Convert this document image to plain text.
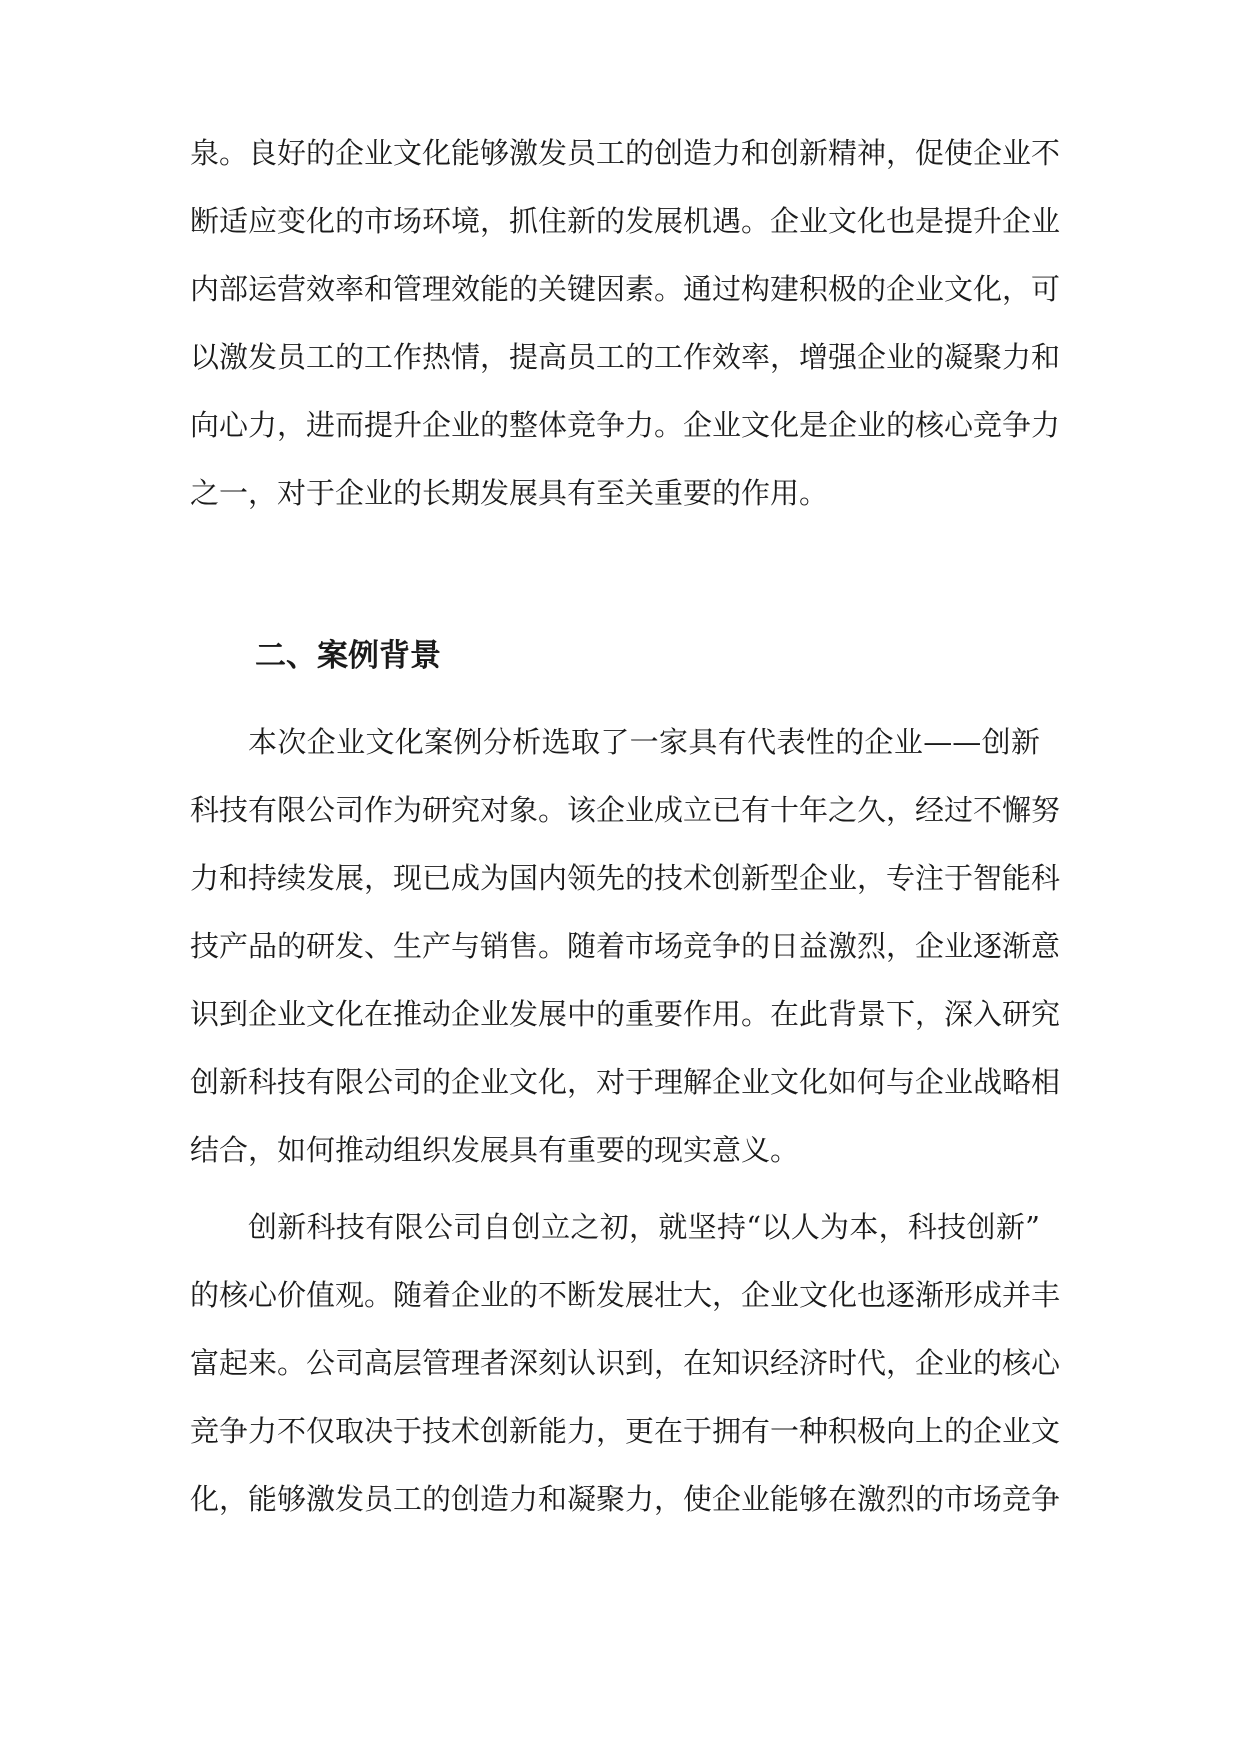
泉。良好的企业文化能够激发员工的创造力和创新精神，促使企业不
断适应变化的市场环境，抓住新的发展机遇。企业文化也是提升企业
内部运营效率和管理效能的关键因素。通过构建积极的企业文化，可
以激发员工的工作热情，提高员工的工作效率，增强企业的凝聚力和
向心力，进而提升企业的整体竞争力。企业文化是企业的核心竞争力
之一，对于企业的长期发展具有至关重要的作用。
二、案例背景
本次企业文化案例分析选取了一家具有代表性的企业——创新
科技有限公司作为研究对象。该企业成立已有十年之久，经过不懈努
力和持续发展，现已成为国内领先的技术创新型企业，专注于智能科
技产品的研发、生产与销售。随着市场竞争的日益激烈，企业逐渐意
识到企业文化在推动企业发展中的重要作用。在此背景下，深入研究
创新科技有限公司的企业文化，对于理解企业文化如何与企业战略相
结合，如何推动组织发展具有重要的现实意义。
创新科技有限公司自创立之初，就坚持“以人为本，科技创新”
的核心价值观。随着企业的不断发展壮大，企业文化也逐渐形成并丰
富起来。公司高层管理者深刻认识到，在知识经济时代，企业的核心
竞争力不仅取决于技术创新能力，更在于拥有一种积极向上的企业文
化，能够激发员工的创造力和凝聚力，使企业能够在激烈的市场竞争
